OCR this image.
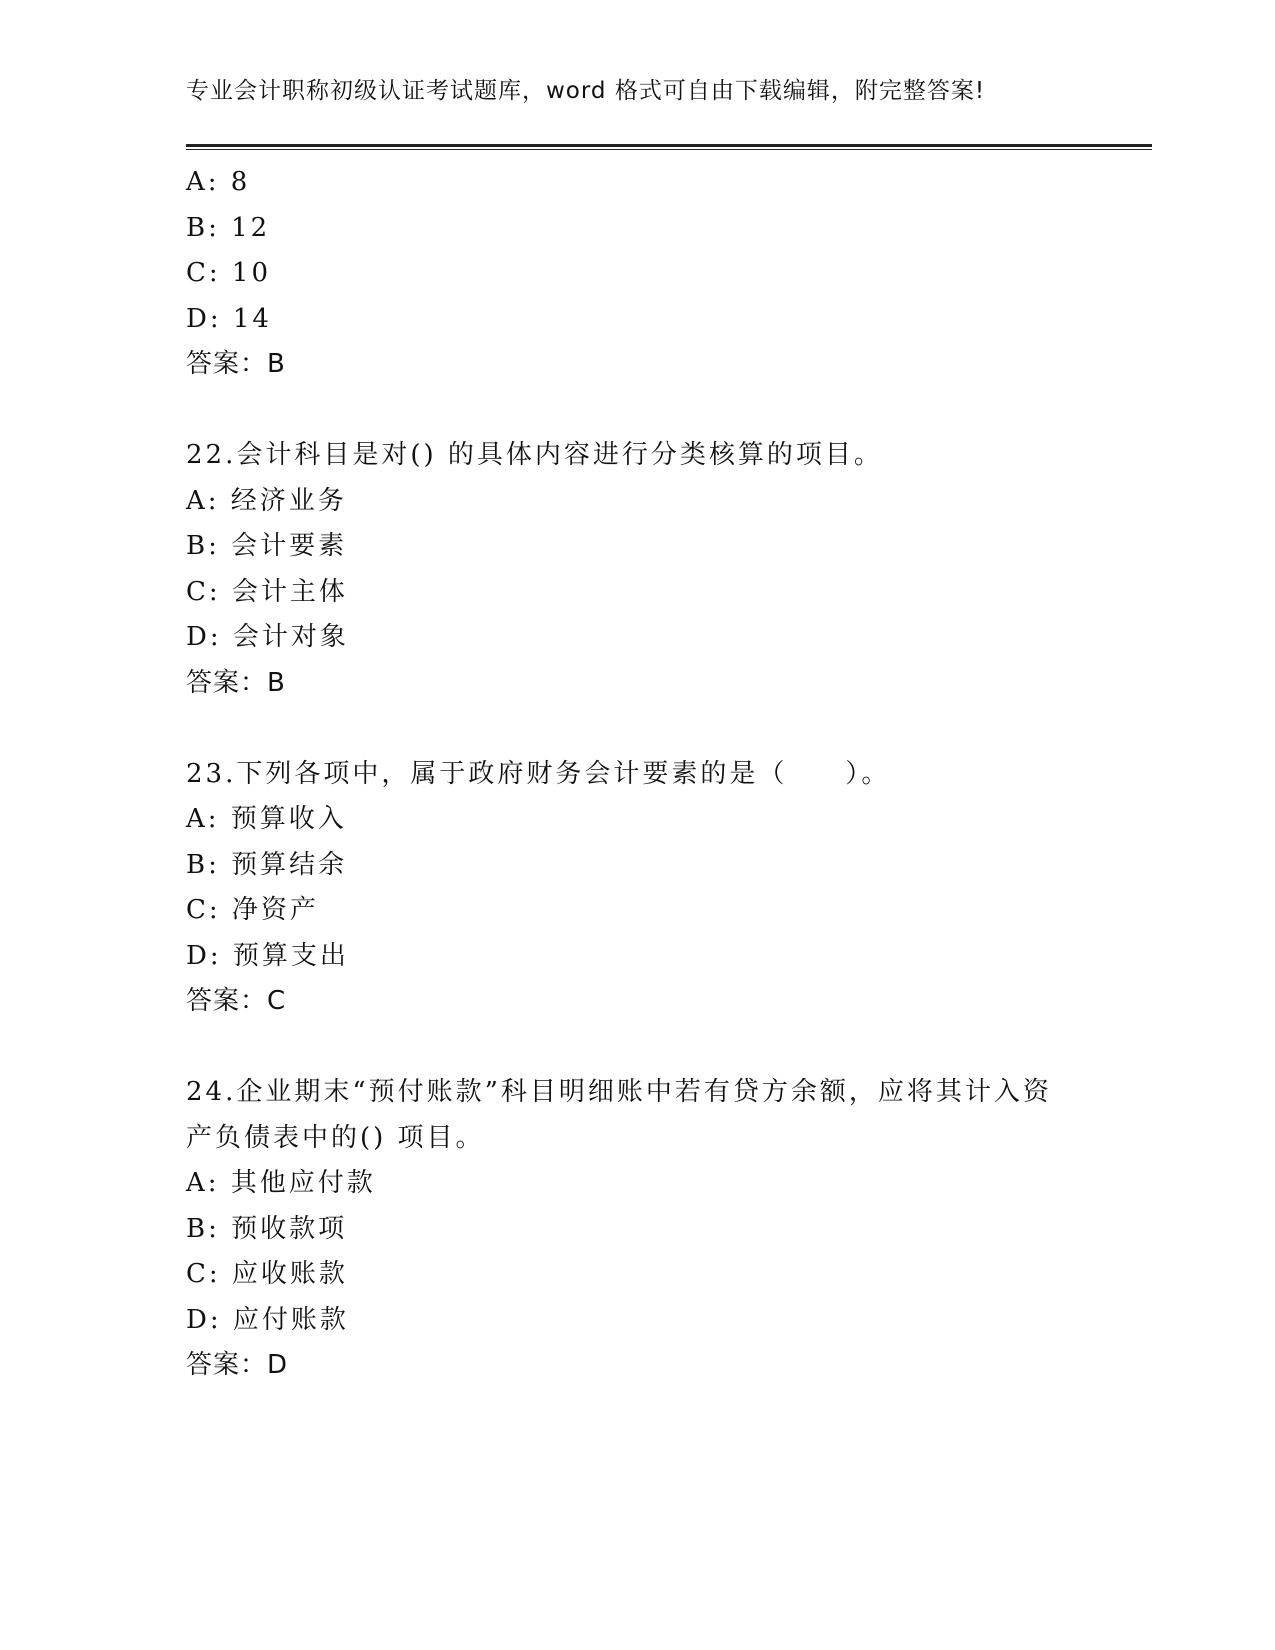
专业会计职称初级认证考试题库，word 格式可自由下载编辑，附完整答案!
A: 8
B: 12
C: 10
D: 14
答案：B
22.会计科目是对() 的具体内容进行分类核算的项目。
A: 经济业务
B: 会计要素
C: 会计主体
D: 会计对象
答案：B
23.下列各项中，属于政府财务会计要素的是（　　）。
A: 预算收入
B: 预算结余
C: 净资产
D: 预算支出
答案：C
24.企业期末“预付账款”科目明细账中若有贷方余额，应将其计入资产负债表中的() 项目。
A: 其他应付款
B: 预收款项
C: 应收账款
D: 应付账款
答案：D
